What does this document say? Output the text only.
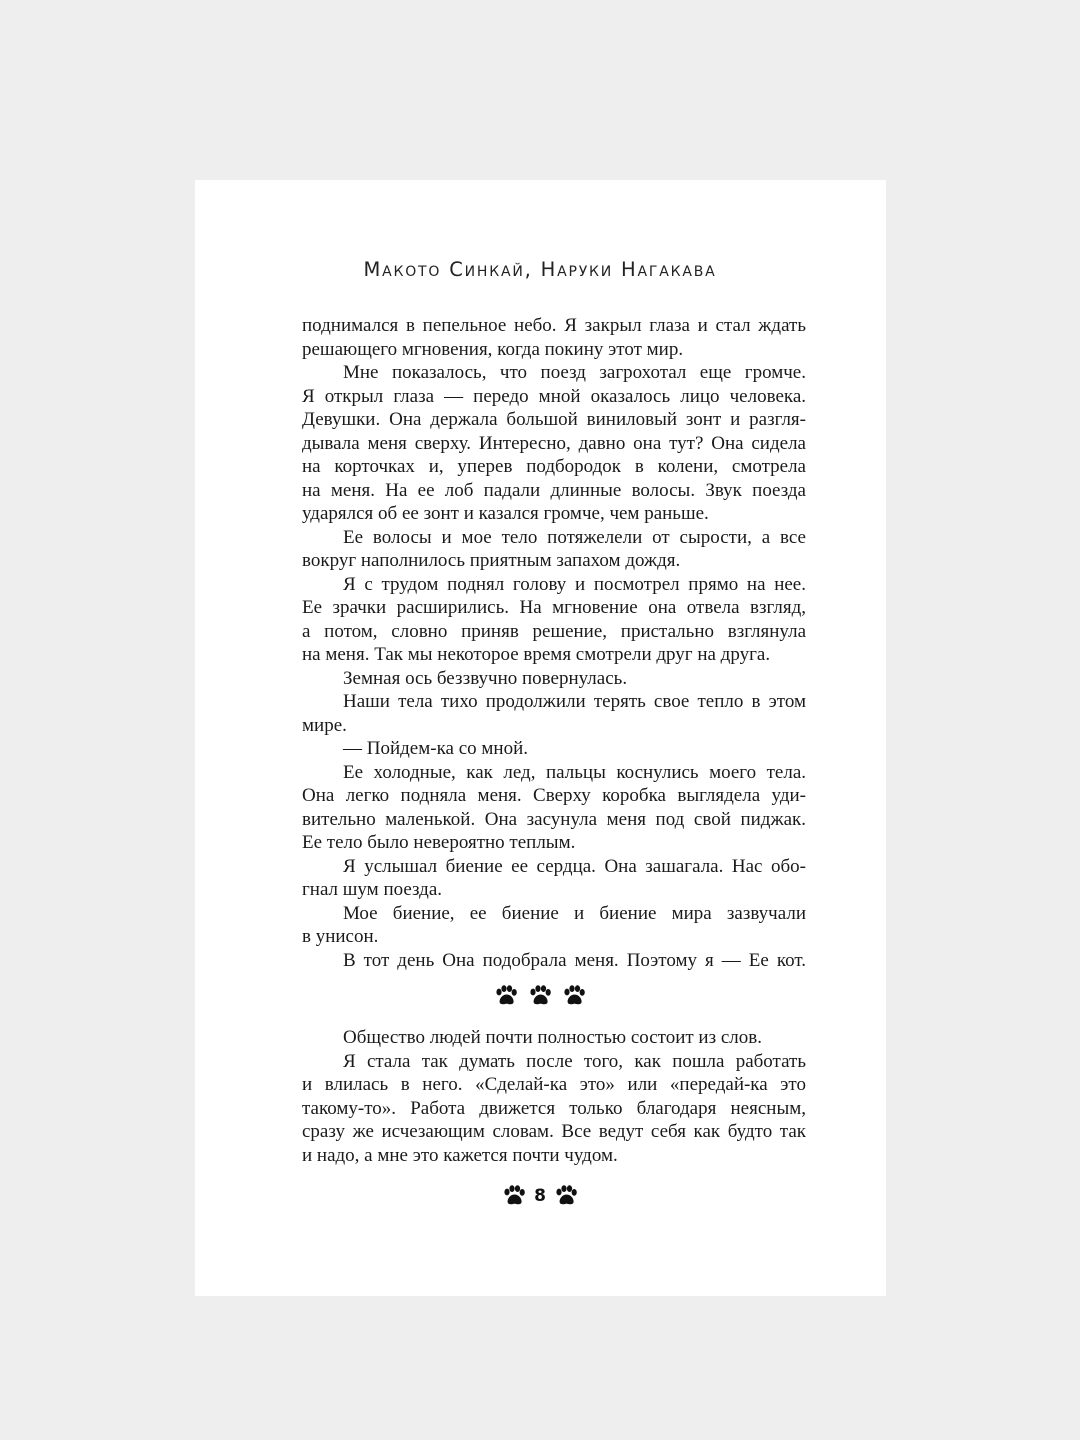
Макото Синкай, Наруки Нагакава
поднимался в пепельное небо. Я закрыл глаза и стал ждать
решающего мгновения, когда покину этот мир.
Мне показалось, что поезд загрохотал еще громче.
Я открыл глаза — передо мной оказалось лицо человека.
Девушки. Она держала большой виниловый зонт и разгля-
дывала меня сверху. Интересно, давно она тут? Она сидела
на корточках и, уперев подбородок в колени, смотрела
на меня. На ее лоб падали длинные волосы. Звук поезда
ударялся об ее зонт и казался громче, чем раньше.
Ее волосы и мое тело потяжелели от сырости, а все
вокруг наполнилось приятным запахом дождя.
Я с трудом поднял голову и посмотрел прямо на нее.
Ее зрачки расширились. На мгновение она отвела взгляд,
а потом, словно приняв решение, пристально взглянула
на меня. Так мы некоторое время смотрели друг на друга.
Земная ось беззвучно повернулась.
Наши тела тихо продолжили терять свое тепло в этом
мире.
— Пойдем-ка со мной.
Ее холодные, как лед, пальцы коснулись моего тела.
Она легко подняла меня. Сверху коробка выглядела уди-
вительно маленькой. Она засунула меня под свой пиджак.
Ее тело было невероятно теплым.
Я услышал биение ее сердца. Она зашагала. Нас обо-
гнал шум поезда.
Мое биение, ее биение и биение мира зазвучали
в унисон.
В тот день Она подобрала меня. Поэтому я — Ее кот.

Общество людей почти полностью состоит из слов.
Я стала так думать после того, как пошла работать
и влилась в него. «Сделай-ка это» или «передай-ка это
такому-то». Работа движется только благодаря неясным,
сразу же исчезающим словам. Все ведут себя как будто так
и надо, а мне это кажется почти чудом.
8
